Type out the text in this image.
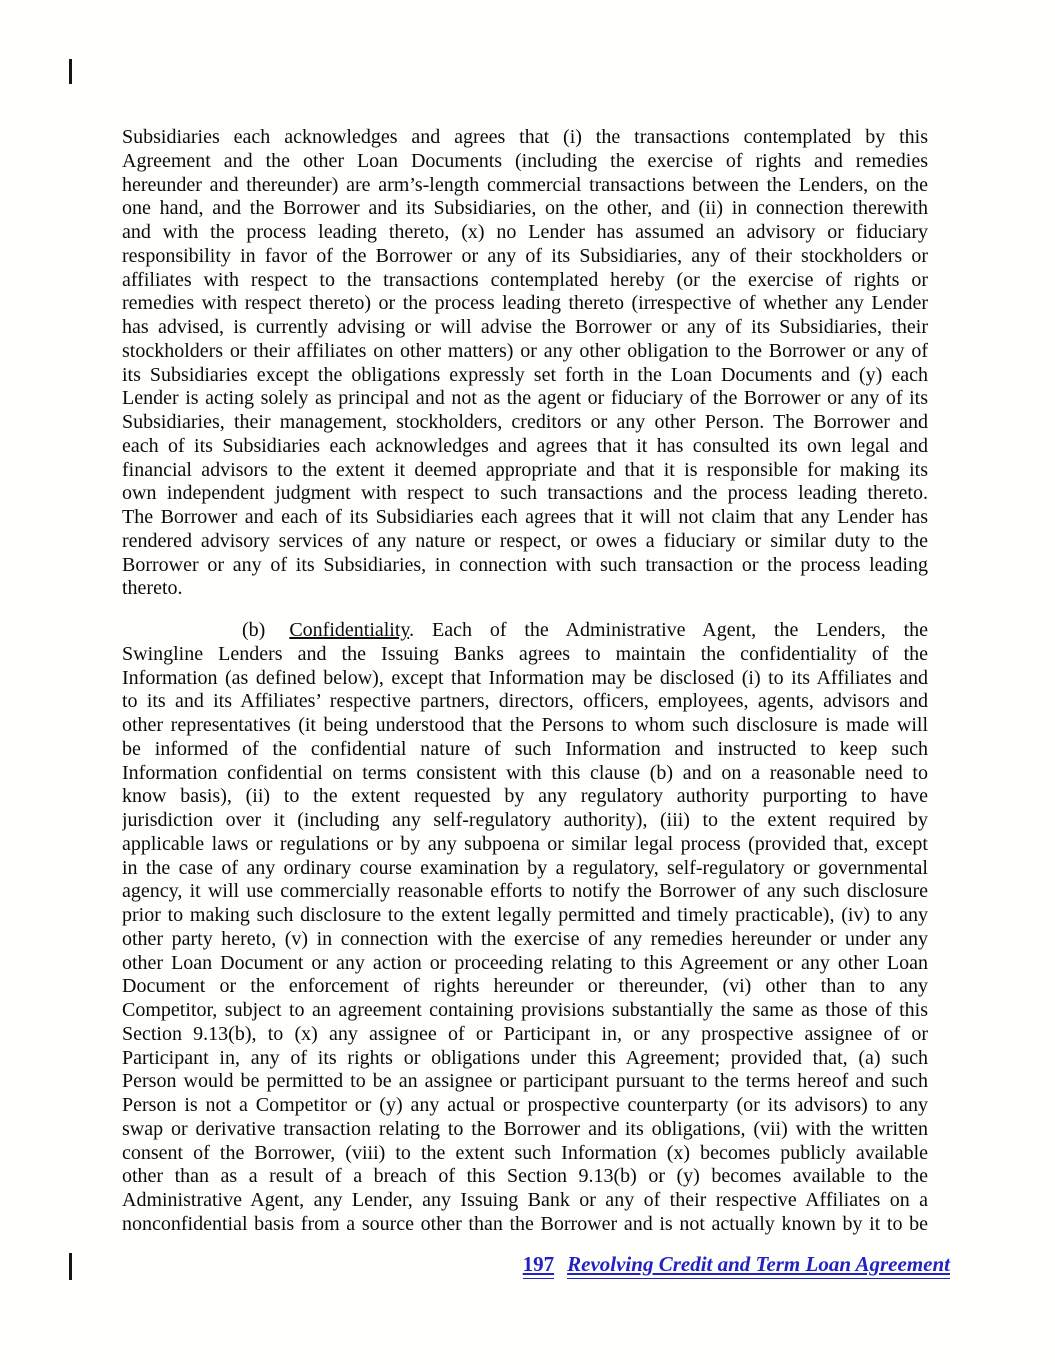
Subsidiaries each acknowledges and agrees that (i) the transactions contemplated by this
Agreement and the other Loan Documents (including the exercise of rights and remedies
hereunder and thereunder) are arm’s-length commercial transactions between the Lenders, on the
one hand, and the Borrower and its Subsidiaries, on the other, and (ii) in connection therewith
and with the process leading thereto, (x) no Lender has assumed an advisory or fiduciary
responsibility in favor of the Borrower or any of its Subsidiaries, any of their stockholders or
affiliates with respect to the transactions contemplated hereby (or the exercise of rights or
remedies with respect thereto) or the process leading thereto (irrespective of whether any Lender
has advised, is currently advising or will advise the Borrower or any of its Subsidiaries, their
stockholders or their affiliates on other matters) or any other obligation to the Borrower or any of
its Subsidiaries except the obligations expressly set forth in the Loan Documents and (y) each
Lender is acting solely as principal and not as the agent or fiduciary of the Borrower or any of its
Subsidiaries, their management, stockholders, creditors or any other Person. The Borrower and
each of its Subsidiaries each acknowledges and agrees that it has consulted its own legal and
financial advisors to the extent it deemed appropriate and that it is responsible for making its
own independent judgment with respect to such transactions and the process leading thereto.
The Borrower and each of its Subsidiaries each agrees that it will not claim that any Lender has
rendered advisory services of any nature or respect, or owes a fiduciary or similar duty to the
Borrower or any of its Subsidiaries, in connection with such transaction or the process leading
thereto.
(b) Confidentiality. Each of the Administrative Agent, the Lenders, the
Swingline Lenders and the Issuing Banks agrees to maintain the confidentiality of the
Information (as defined below), except that Information may be disclosed (i) to its Affiliates and
to its and its Affiliates’ respective partners, directors, officers, employees, agents, advisors and
other representatives (it being understood that the Persons to whom such disclosure is made will
be informed of the confidential nature of such Information and instructed to keep such
Information confidential on terms consistent with this clause (b) and on a reasonable need to
know basis), (ii) to the extent requested by any regulatory authority purporting to have
jurisdiction over it (including any self-regulatory authority), (iii) to the extent required by
applicable laws or regulations or by any subpoena or similar legal process (provided that, except
in the case of any ordinary course examination by a regulatory, self-regulatory or governmental
agency, it will use commercially reasonable efforts to notify the Borrower of any such disclosure
prior to making such disclosure to the extent legally permitted and timely practicable), (iv) to any
other party hereto, (v) in connection with the exercise of any remedies hereunder or under any
other Loan Document or any action or proceeding relating to this Agreement or any other Loan
Document or the enforcement of rights hereunder or thereunder, (vi) other than to any
Competitor, subject to an agreement containing provisions substantially the same as those of this
Section 9.13(b), to (x) any assignee of or Participant in, or any prospective assignee of or
Participant in, any of its rights or obligations under this Agreement; provided that, (a) such
Person would be permitted to be an assignee or participant pursuant to the terms hereof and such
Person is not a Competitor or (y) any actual or prospective counterparty (or its advisors) to any
swap or derivative transaction relating to the Borrower and its obligations, (vii) with the written
consent of the Borrower, (viii) to the extent such Information (x) becomes publicly available
other than as a result of a breach of this Section 9.13(b) or (y) becomes available to the
Administrative Agent, any Lender, any Issuing Bank or any of their respective Affiliates on a
nonconfidential basis from a source other than the Borrower and is not actually known by it to be
197 Revolving Credit and Term Loan Agreement
